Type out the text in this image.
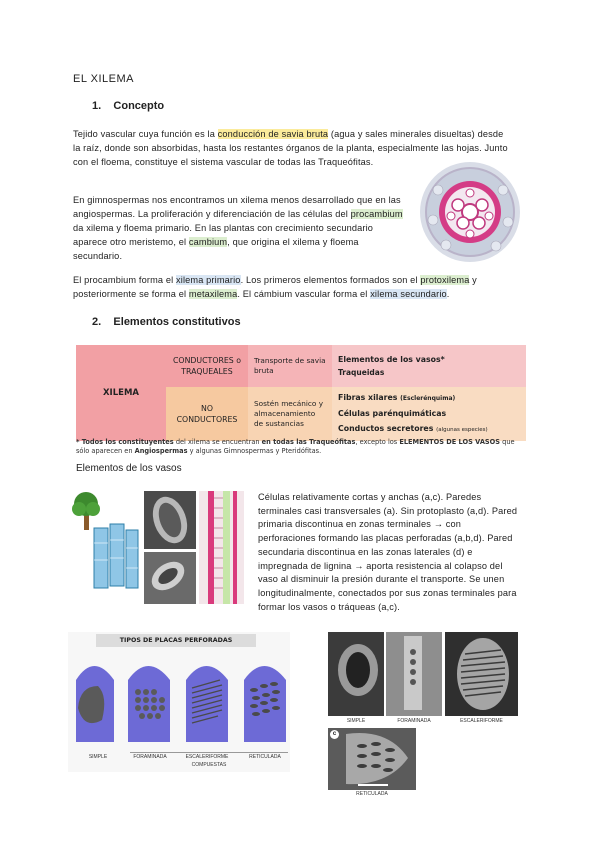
EL XILEMA
1. Concepto
Tejido vascular cuya función es la conducción de savia bruta (agua y sales minerales disueltas) desde la raíz, donde son absorbidas, hasta los restantes órganos de la planta, especialmente las hojas. Junto con el floema, constituye el sistema vascular de todas las Traqueófitas.
En gimnospermas nos encontramos un xilema menos desarrollado que en las angiospermas. La proliferación y diferenciación de las células del procambium da xilema y floema primario. En las plantas con crecimiento secundario aparece otro meristemo, el cambium, que origina el xilema y floema secundario.
El procambium forma el xilema primario. Los primeros elementos formados son el protoxilema y posteriormente se forma el metaxilema. El cámbium vascular forma el xilema secundario.
2. Elementos constitutivos
XILEMA	CONDUCTORES o TRAQUEALES	Transporte de savia bruta	Elementos de los vasos*
Traqueidas

	NO CONDUCTORES	Sostén mecánico y almacenamiento de sustancias	Fibras xilares (Esclerénquima)
Células parénquimáticas
Conductos secretores (algunas especies)
* Todos los constituyentes del xilema se encuentran en todas las Traqueófitas, excepto los ELEMENTOS DE LOS VASOS que sólo aparecen en Angiospermas y algunas Gimnospermas y Pteridófitas.
Elementos de los vasos
Células relativamente cortas y anchas (a,c). Paredes terminales casi transversales (a). Sin protoplasto (a,d). Pared primaria discontinua en zonas terminales → con perforaciones formando las placas perforadas (a,b,d). Pared secundaria discontinua en las zonas laterales (d) e impregnada de lignina → aporta resistencia al colapso del vaso al disminuir la presión durante el transporte. Se unen longitudinalmente, conectados por sus zonas terminales para formar los vasos o tráqueas (a,c).
TIPOS DE PLACAS PERFORADAS
SIMPLE	FORAMINADA	ESCALERIFORME	RETICULADA
COMPUESTAS
SIMPLE	FORAMINADA	ESCALERIFORME
c
RETICULADA
